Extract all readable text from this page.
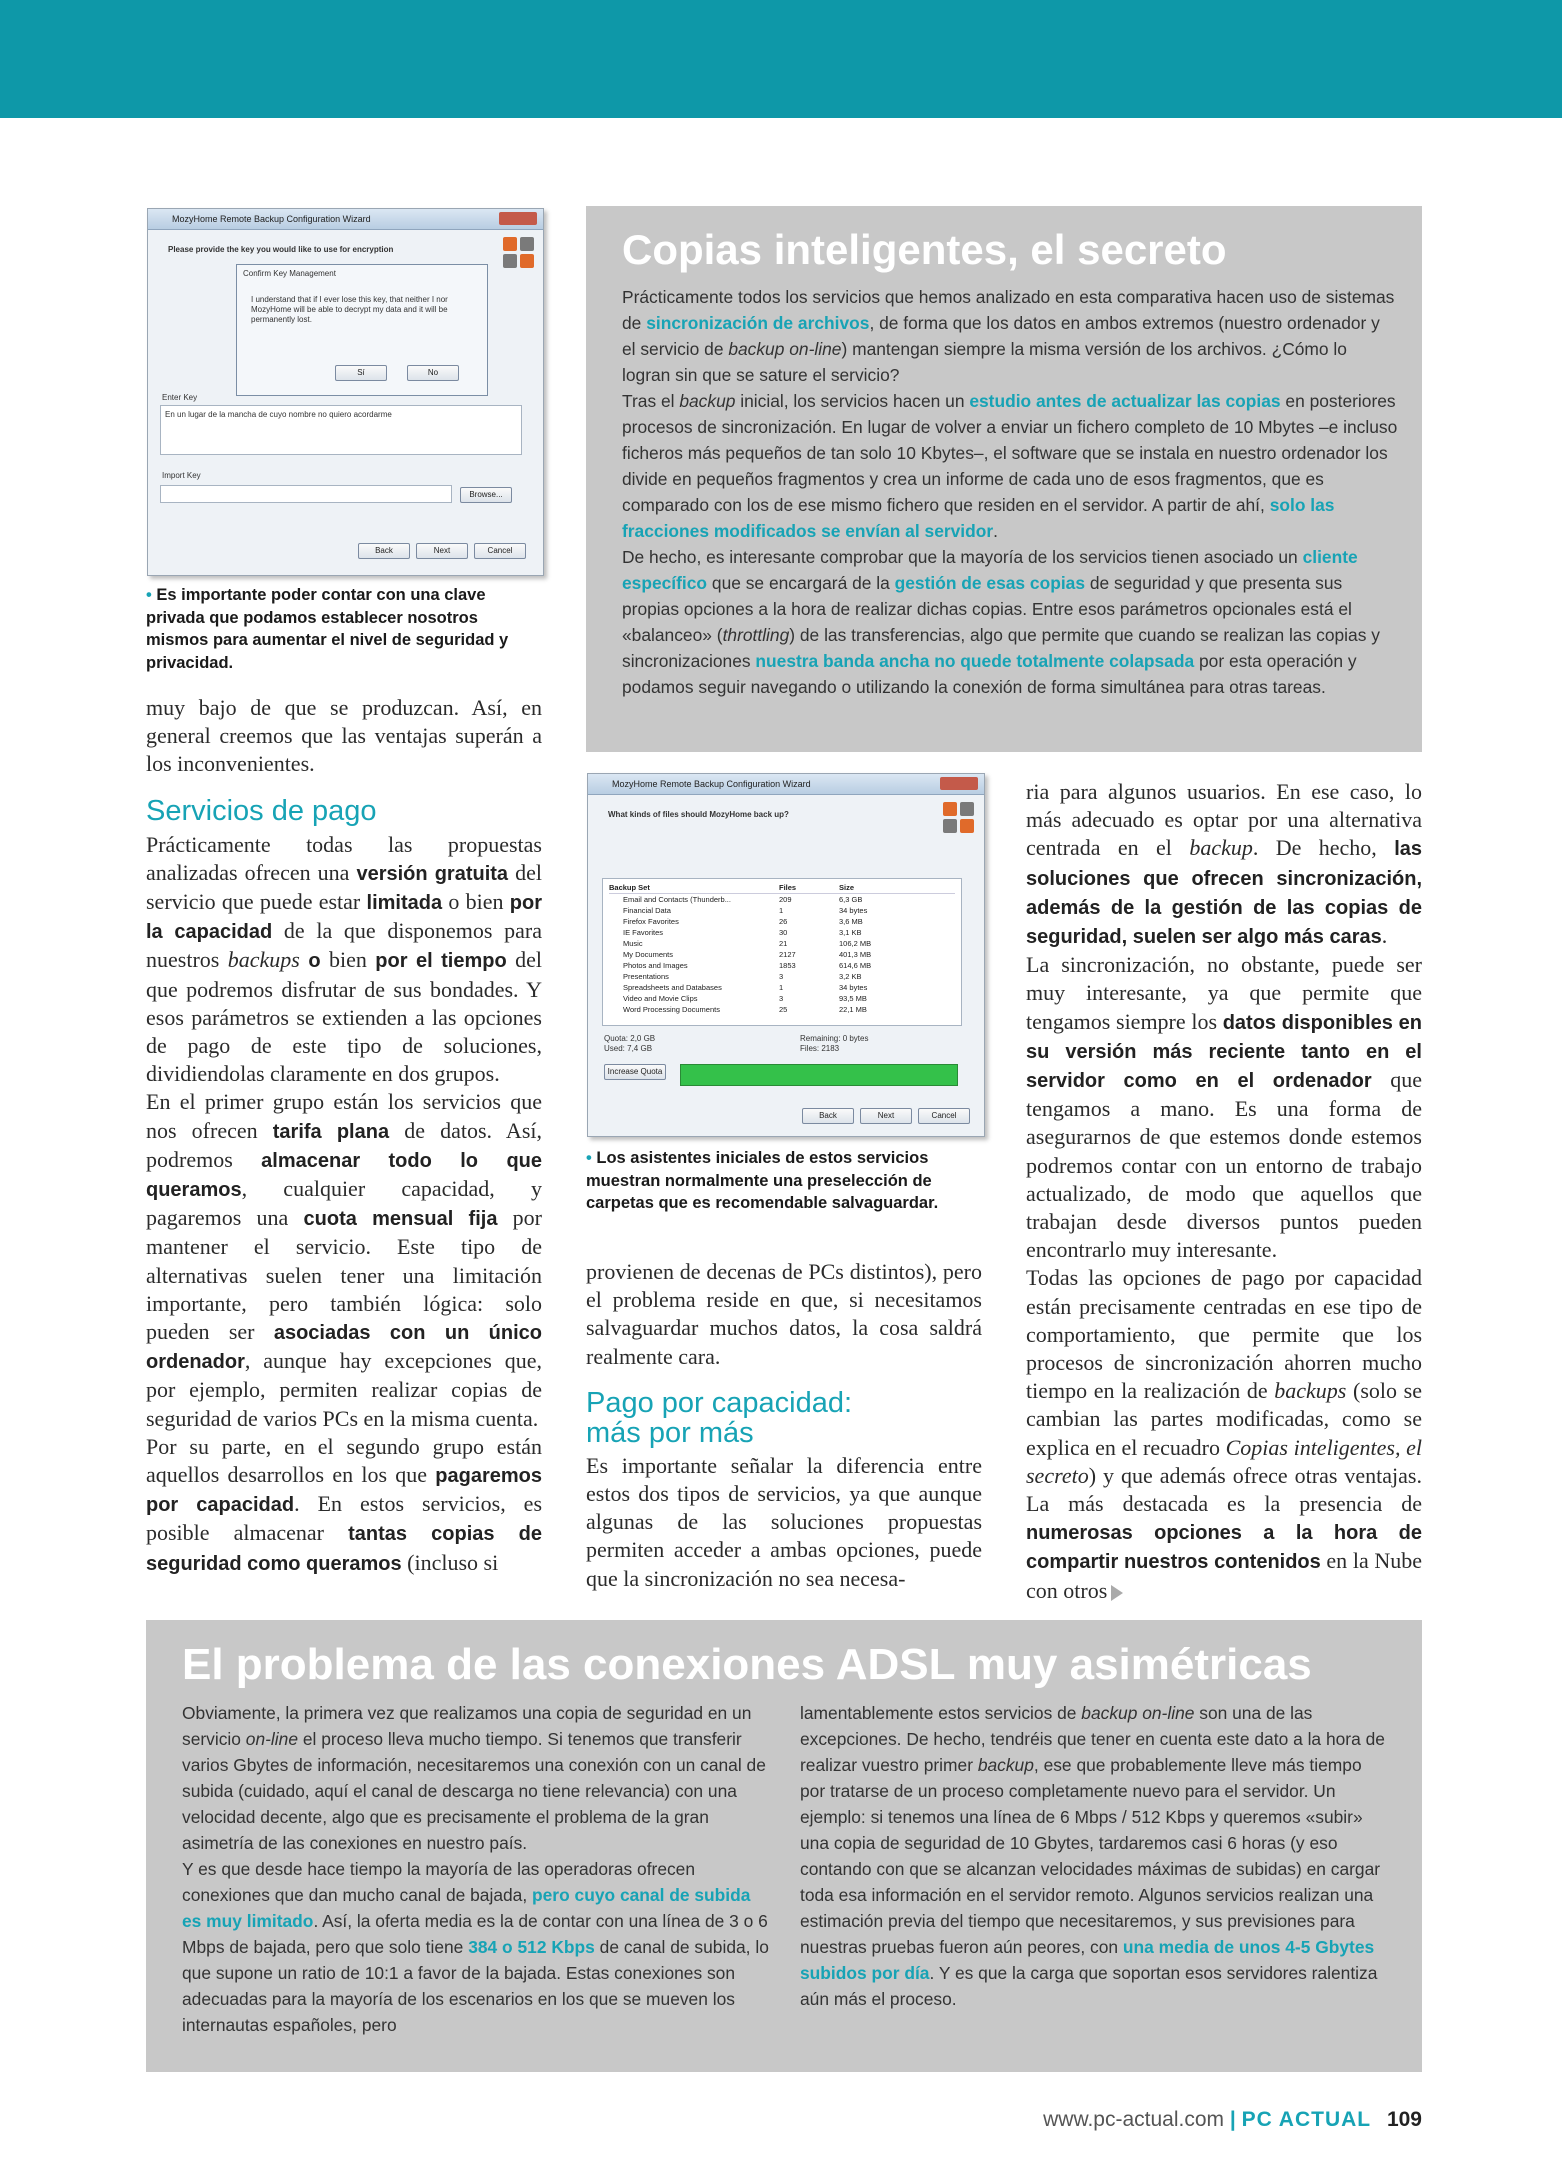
MozyHome Remote Backup Configuration Wizard
Please provide the key you would like to use for encryption
Confirm Key Management
I understand that if I ever lose this key, that neither I nor MozyHome will be able to decrypt my data and it will be permanently lost.
Sí	No
Enter Key
En un lugar de la mancha de cuyo nombre no quiero acordarme
Import Key
Browse...
Back	Next	Cancel
• Es importante poder contar con una clave privada que podamos establecer nosotros mismos para aumentar el nivel de seguridad y privacidad.

muy bajo de que se produzcan. Así, en general creemos que las ventajas superán a los inconvenientes.

Servicios de pago

Prácticamente todas las propuestas analizadas ofrecen una versión gratuita del servicio que puede estar limitada o bien por la capacidad de la que disponemos para nuestros backups o bien por el tiempo del que podremos disfrutar de sus bondades. Y esos parámetros se extienden a las opciones de pago de este tipo de soluciones, dividiendolas claramente en dos grupos.

En el primer grupo están los servicios que nos ofrecen tarifa plana de datos. Así, podremos almacenar todo lo que queramos, cualquier capacidad, y pagaremos una cuota mensual fija por mantener el servicio. Este tipo de alternativas suelen tener una limitación importante, pero también lógica: solo pueden ser asociadas con un único ordenador, aunque hay excepciones que, por ejemplo, permiten realizar copias de seguridad de varios PCs en la misma cuenta.

Por su parte, en el segundo grupo están aquellos desarrollos en los que pagaremos por capacidad. En estos servicios, es posible almacenar tantas copias de seguridad como queramos (incluso si

Copias inteligentes, el secreto

Prácticamente todos los servicios que hemos analizado en esta comparativa hacen uso de sistemas de sincronización de archivos, de forma que los datos en ambos extremos (nuestro ordenador y el servicio de backup on-line) mantengan siempre la misma versión de los archivos. ¿Cómo lo logran sin que se sature el servicio?

Tras el backup inicial, los servicios hacen un estudio antes de actualizar las copias en posteriores procesos de sincronización. En lugar de volver a enviar un fichero completo de 10 Mbytes –e incluso ficheros más pequeños de tan solo 10 Kbytes–, el software que se instala en nuestro ordenador los divide en pequeños fragmentos y crea un informe de cada uno de esos fragmentos, que es comparado con los de ese mismo fichero que residen en el servidor. A partir de ahí, solo las fracciones modificados se envían al servidor.

De hecho, es interesante comprobar que la mayoría de los servicios tienen asociado un cliente específico que se encargará de la gestión de esas copias de seguridad y que presenta sus propias opciones a la hora de realizar dichas copias. Entre esos parámetros opcionales está el «balanceo» (throttling) de las transferencias, algo que permite que cuando se realizan las copias y sincronizaciones nuestra banda ancha no quede totalmente colapsada por esta operación y podamos seguir navegando o utilizando la conexión de forma simultánea para otras tareas.

MozyHome Remote Backup Configuration Wizard
What kinds of files should MozyHome back up?
Backup Set	Files	Size
Email and Contacts (Thunderb...	209	6,3 GB
Financial Data	1	34 bytes
Firefox Favorites	26	3,6 MB
IE Favorites	30	3,1 KB
Music	21	106,2 MB
My Documents	2127	401,3 MB
Photos and Images	1853	614,6 MB
Presentations	3	3,2 KB
Spreadsheets and Databases	1	34 bytes
Video and Movie Clips	3	93,5 MB
Word Processing Documents	25	22,1 MB
Quota: 2,0 GB
Used: 7,4 GB
Remaining: 0 bytes
Files: 2183
Increase Quota
Back	Next	Cancel
• Los asistentes iniciales de estos servicios muestran normalmente una preselección de carpetas que es recomendable salvaguardar.

provienen de decenas de PCs distintos), pero el problema reside en que, si necesitamos salvaguardar muchos datos, la cosa saldrá realmente cara.

Pago por capacidad:
más por más

Es importante señalar la diferencia entre estos dos tipos de servicios, ya que aunque algunas de las soluciones propuestas permiten acceder a ambas opciones, puede que la sincronización no sea necesa-

ria para algunos usuarios. En ese caso, lo más adecuado es optar por una alternativa centrada en el backup. De hecho, las soluciones que ofrecen sincronización, además de la gestión de las copias de seguridad, suelen ser algo más caras.

La sincronización, no obstante, puede ser muy interesante, ya que permite que tengamos siempre los datos disponibles en su versión más reciente tanto en el servidor como en el ordenador que tengamos a mano. Es una forma de asegurarnos de que estemos donde estemos podremos contar con un entorno de trabajo actualizado, de modo que aquellos que trabajan desde diversos puntos pueden encontrarlo muy interesante.

Todas las opciones de pago por capacidad están precisamente centradas en ese tipo de comportamiento, que permite que los procesos de sincronización ahorren mucho tiempo en la realización de backups (solo se cambian las partes modificadas, como se explica en el recuadro Copias inteligentes, el secreto) y que además ofrece otras ventajas. La más destacada es la presencia de numerosas opciones a la hora de compartir nuestros contenidos en la Nube con otros

El problema de las conexiones ADSL muy asimétricas

Obviamente, la primera vez que realizamos una copia de seguridad en un servicio on-line el proceso lleva mucho tiempo. Si tenemos que transferir varios Gbytes de información, necesitaremos una conexión con un canal de subida (cuidado, aquí el canal de descarga no tiene relevancia) con una velocidad decente, algo que es precisamente el problema de la gran asimetría de las conexiones en nuestro país.

Y es que desde hace tiempo la mayoría de las operadoras ofrecen conexiones que dan mucho canal de bajada, pero cuyo canal de subida es muy limitado. Así, la oferta media es la de contar con una línea de 3 o 6 Mbps de bajada, pero que solo tiene 384 o 512 Kbps de canal de subida, lo que supone un ratio de 10:1 a favor de la bajada. Estas conexiones son adecuadas para la mayoría de los escenarios en los que se mueven los internautas españoles, pero

lamentablemente estos servicios de backup on-line son una de las excepciones. De hecho, tendréis que tener en cuenta este dato a la hora de realizar vuestro primer backup, ese que probablemente lleve más tiempo por tratarse de un proceso completamente nuevo para el servidor. Un ejemplo: si tenemos una línea de 6 Mbps / 512 Kbps y queremos «subir» una copia de seguridad de 10 Gbytes, tardaremos casi 6 horas (y eso contando con que se alcanzan velocidades máximas de subidas) en cargar toda esa información en el servidor remoto. Algunos servicios realizan una estimación previa del tiempo que necesitaremos, y sus previsiones para nuestras pruebas fueron aún peores, con una media de unos 4-5 Gbytes subidos por día. Y es que la carga que soportan esos servidores ralentiza aún más el proceso.

www.pc-actual.com | PC ACTUAL 109
